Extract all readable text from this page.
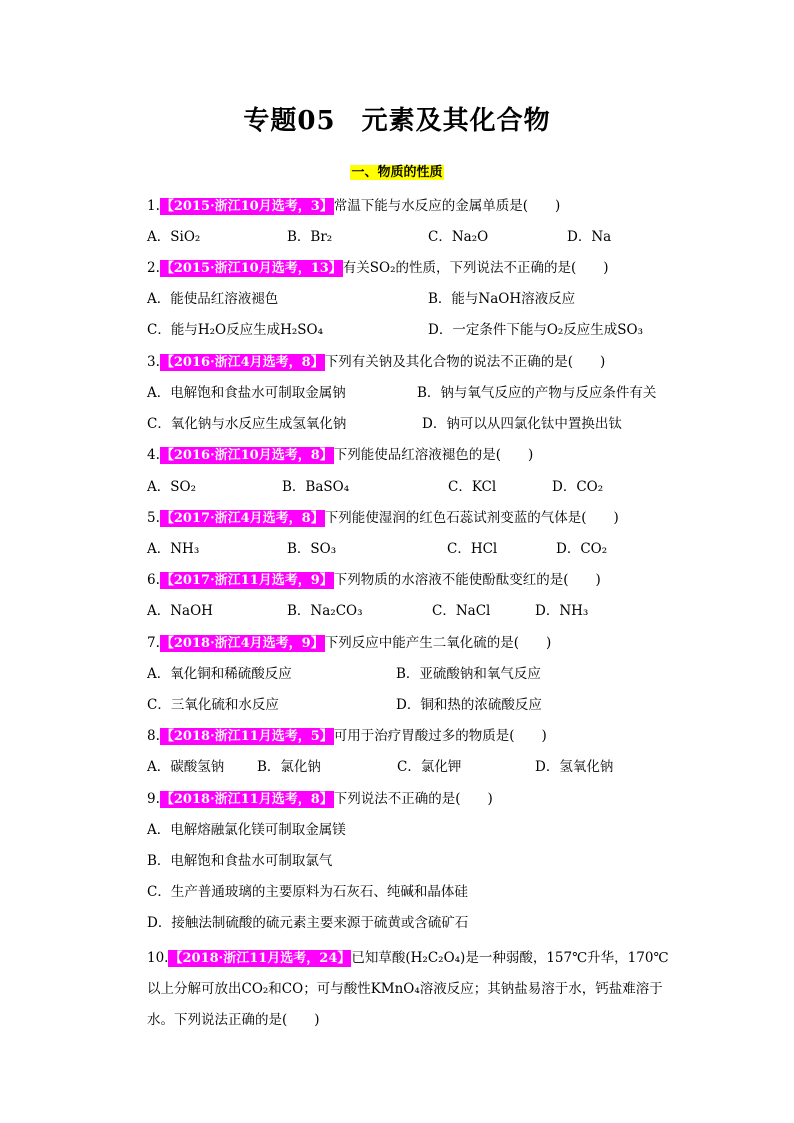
专题05 元素及其化合物
一、物质的性质
1.【2015·浙江10月选考，3】常温下能与水反应的金属单质是(　　)
A．SiO₂	B．Br₂	C．Na₂O	D．Na
2.【2015·浙江10月选考，13】有关SO₂的性质，下列说法不正确的是(　　)
A．能使品红溶液褪色	B．能与NaOH溶液反应
C．能与H₂O反应生成H₂SO₄	D．一定条件下能与O₂反应生成SO₃
3.【2016·浙江4月选考，8】下列有关钠及其化合物的说法不正确的是(　　)
A．电解饱和食盐水可制取金属钠	B．钠与氧气反应的产物与反应条件有关
C．氧化钠与水反应生成氢氧化钠	D．钠可以从四氯化钛中置换出钛
4.【2016·浙江10月选考，8】下列能使品红溶液褪色的是(　　)
A．SO₂	B．BaSO₄	C．KCl	D．CO₂
5.【2017·浙江4月选考，8】下列能使湿润的红色石蕊试剂变蓝的气体是(　　)
A．NH₃	B．SO₃	C．HCl	D．CO₂
6.【2017·浙江11月选考，9】下列物质的水溶液不能使酚酞变红的是(　　)
A．NaOH	B．Na₂CO₃	C．NaCl	D．NH₃
7.【2018·浙江4月选考，9】下列反应中能产生二氧化硫的是(　　)
A．氧化铜和稀硫酸反应	B．亚硫酸钠和氧气反应
C．三氧化硫和水反应	D．铜和热的浓硫酸反应
8.【2018·浙江11月选考，5】可用于治疗胃酸过多的物质是(　　)
A．碳酸氢钠 B．氯化钠	C．氯化钾	D．氢氧化钠
9.【2018·浙江11月选考，8】下列说法不正确的是(　　)
A．电解熔融氯化镁可制取金属镁
B．电解饱和食盐水可制取氯气
C．生产普通玻璃的主要原料为石灰石、纯碱和晶体硅
D．接触法制硫酸的硫元素主要来源于硫黄或含硫矿石
10.【2018·浙江11月选考，24】已知草酸(H₂C₂O₄)是一种弱酸，157℃升华，170℃以上分解可放出CO₂和CO；可与酸性KMnO₄溶液反应；其钠盐易溶于水，钙盐难溶于水。下列说法正确的是(　　)
